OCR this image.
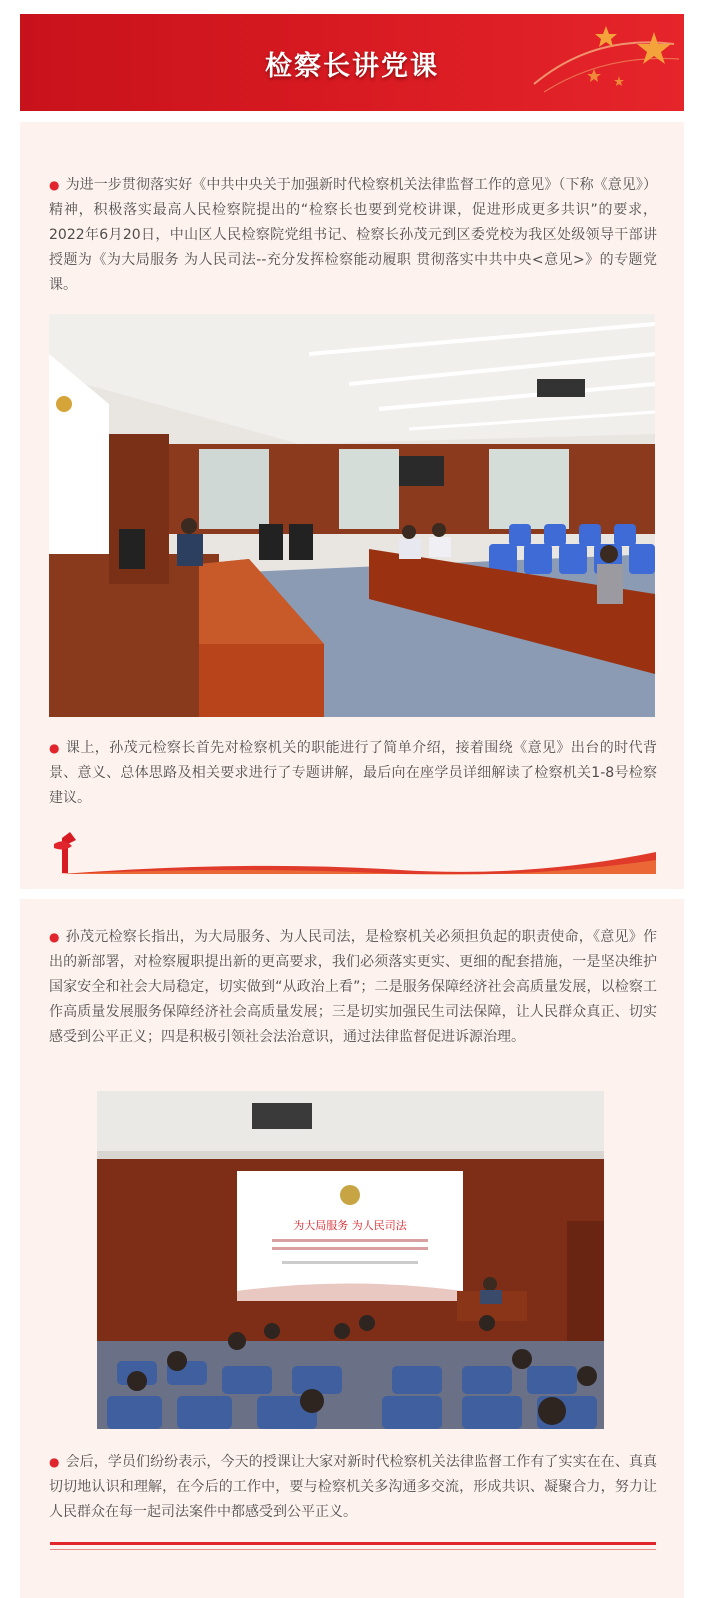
检察长讲党课
● 为进一步贯彻落实好《中共中央关于加强新时代检察机关法律监督工作的意见》（下称《意见》）精神，积极落实最高人民检察院提出的“检察长也要到党校讲课，促进形成更多共识”的要求，2022年6月20日，中山区人民检察院党组书记、检察长孙茂元到区委党校为我区处级领导干部讲授题为《为大局服务 为人民司法--充分发挥检察能动履职 贯彻落实中共中央<意见>》的专题党课。
● 课上，孙茂元检察长首先对检察机关的职能进行了简单介绍，接着围绕《意见》出台的时代背景、意义、总体思路及相关要求进行了专题讲解，最后向在座学员详细解读了检察机关1-8号检察建议。
● 孙茂元检察长指出，为大局服务、为人民司法，是检察机关必须担负起的职责使命，《意见》作出的新部署，对检察履职提出新的更高要求，我们必须落实更实、更细的配套措施，一是坚决维护国家安全和社会大局稳定，切实做到“从政治上看”；二是服务保障经济社会高质量发展，以检察工作高质量发展服务保障经济社会高质量发展；三是切实加强民生司法保障，让人民群众真正、切实感受到公平正义；四是积极引领社会法治意识，通过法律监督促进诉源治理。
为大局服务 为人民司法
● 会后，学员们纷纷表示，今天的授课让大家对新时代检察机关法律监督工作有了实实在在、真真切切地认识和理解，在今后的工作中，要与检察机关多沟通多交流，形成共识、凝聚合力，努力让人民群众在每一起司法案件中都感受到公平正义。
